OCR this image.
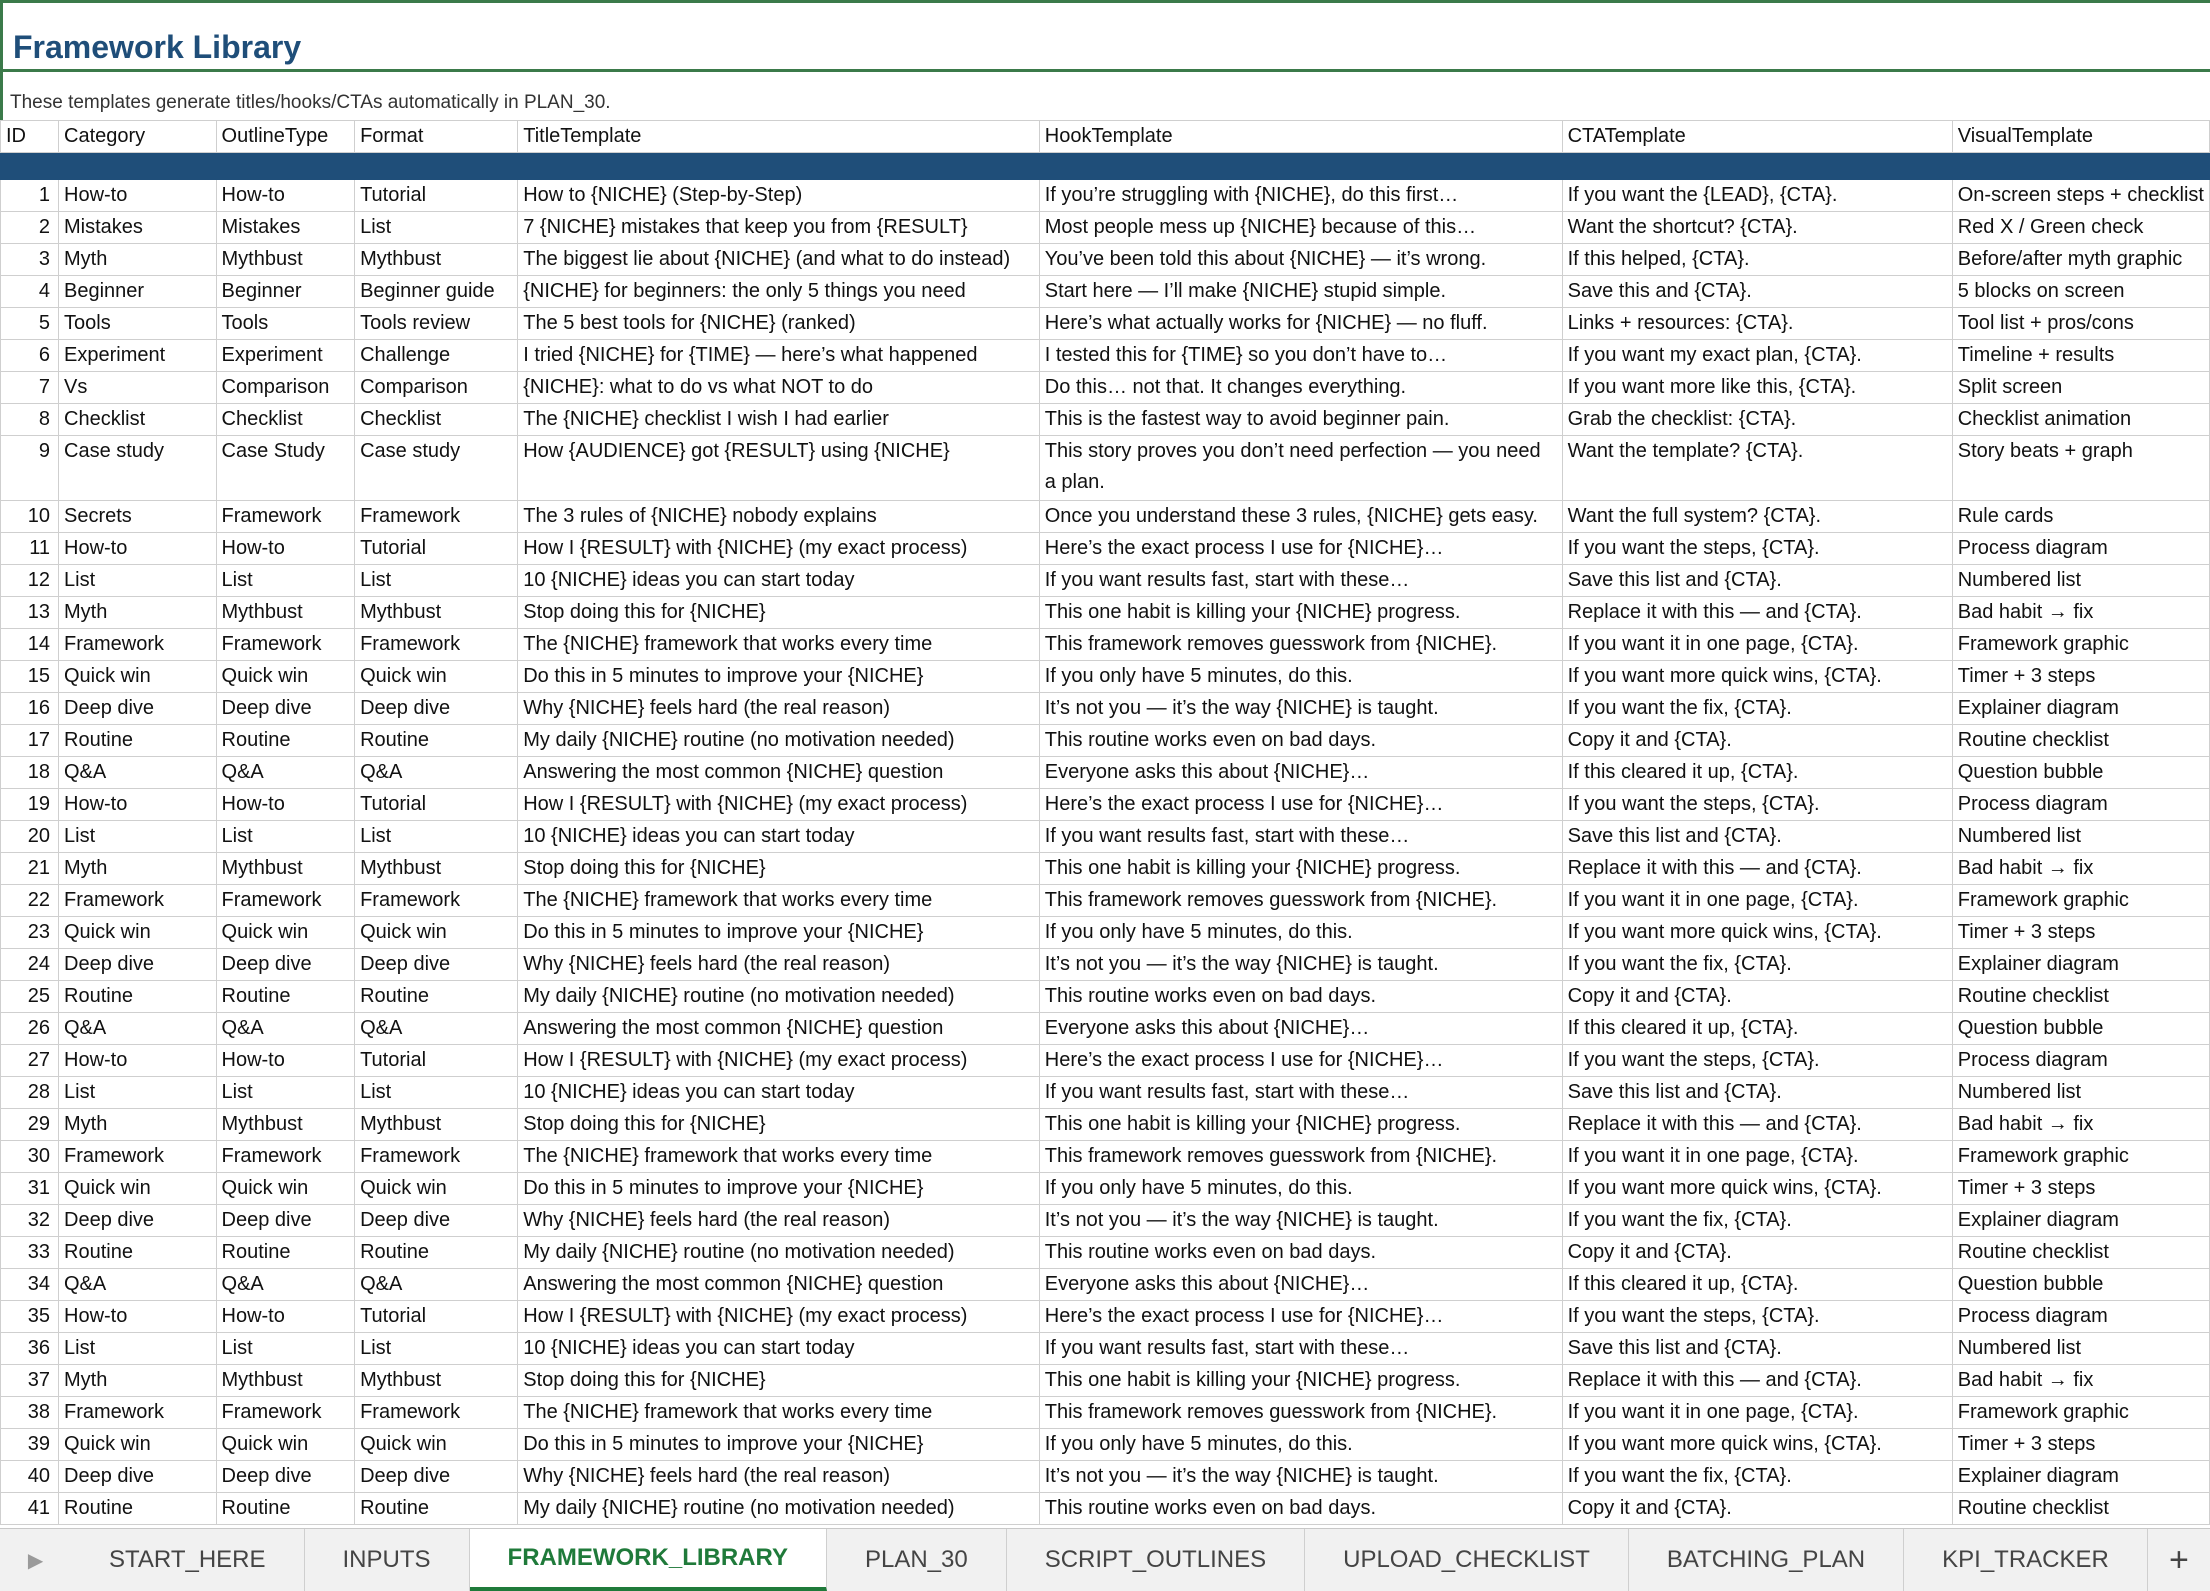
Framework Library
These templates generate titles/hooks/CTAs automatically in PLAN_30.
ID	Category	OutlineType	Format	TitleTemplate	HookTemplate	CTATemplate	VisualTemplate

1	How-to	How-to	Tutorial	How to {NICHE} (Step-by-Step)	If you’re struggling with {NICHE}, do this first…	If you want the {LEAD}, {CTA}.	On-screen steps + checklist
2	Mistakes	Mistakes	List	7 {NICHE} mistakes that keep you from {RESULT}	Most people mess up {NICHE} because of this…	Want the shortcut? {CTA}.	Red X / Green check
3	Myth	Mythbust	Mythbust	The biggest lie about {NICHE} (and what to do instead)	You’ve been told this about {NICHE} — it’s wrong.	If this helped, {CTA}.	Before/after myth graphic
4	Beginner	Beginner	Beginner guide	{NICHE} for beginners: the only 5 things you need	Start here — I’ll make {NICHE} stupid simple.	Save this and {CTA}.	5 blocks on screen
5	Tools	Tools	Tools review	The 5 best tools for {NICHE} (ranked)	Here’s what actually works for {NICHE} — no fluff.	Links + resources: {CTA}.	Tool list + pros/cons
6	Experiment	Experiment	Challenge	I tried {NICHE} for {TIME} — here’s what happened	I tested this for {TIME} so you don’t have to…	If you want my exact plan, {CTA}.	Timeline + results
7	Vs	Comparison	Comparison	{NICHE}: what to do vs what NOT to do	Do this… not that. It changes everything.	If you want more like this, {CTA}.	Split screen
8	Checklist	Checklist	Checklist	The {NICHE} checklist I wish I had earlier	This is the fastest way to avoid beginner pain.	Grab the checklist: {CTA}.	Checklist animation
9	Case study	Case Study	Case study	How {AUDIENCE} got {RESULT} using {NICHE}	This story proves you don’t need perfection — you need a plan.	Want the template? {CTA}.	Story beats + graph
10	Secrets	Framework	Framework	The 3 rules of {NICHE} nobody explains	Once you understand these 3 rules, {NICHE} gets easy.	Want the full system? {CTA}.	Rule cards
11	How-to	How-to	Tutorial	How I {RESULT} with {NICHE} (my exact process)	Here’s the exact process I use for {NICHE}…	If you want the steps, {CTA}.	Process diagram
12	List	List	List	10 {NICHE} ideas you can start today	If you want results fast, start with these…	Save this list and {CTA}.	Numbered list
13	Myth	Mythbust	Mythbust	Stop doing this for {NICHE}	This one habit is killing your {NICHE} progress.	Replace it with this — and {CTA}.	Bad habit → fix
14	Framework	Framework	Framework	The {NICHE} framework that works every time	This framework removes guesswork from {NICHE}.	If you want it in one page, {CTA}.	Framework graphic
15	Quick win	Quick win	Quick win	Do this in 5 minutes to improve your {NICHE}	If you only have 5 minutes, do this.	If you want more quick wins, {CTA}.	Timer + 3 steps
16	Deep dive	Deep dive	Deep dive	Why {NICHE} feels hard (the real reason)	It’s not you — it’s the way {NICHE} is taught.	If you want the fix, {CTA}.	Explainer diagram
17	Routine	Routine	Routine	My daily {NICHE} routine (no motivation needed)	This routine works even on bad days.	Copy it and {CTA}.	Routine checklist
18	Q&A	Q&A	Q&A	Answering the most common {NICHE} question	Everyone asks this about {NICHE}…	If this cleared it up, {CTA}.	Question bubble
19	How-to	How-to	Tutorial	How I {RESULT} with {NICHE} (my exact process)	Here’s the exact process I use for {NICHE}…	If you want the steps, {CTA}.	Process diagram
20	List	List	List	10 {NICHE} ideas you can start today	If you want results fast, start with these…	Save this list and {CTA}.	Numbered list
21	Myth	Mythbust	Mythbust	Stop doing this for {NICHE}	This one habit is killing your {NICHE} progress.	Replace it with this — and {CTA}.	Bad habit → fix
22	Framework	Framework	Framework	The {NICHE} framework that works every time	This framework removes guesswork from {NICHE}.	If you want it in one page, {CTA}.	Framework graphic
23	Quick win	Quick win	Quick win	Do this in 5 minutes to improve your {NICHE}	If you only have 5 minutes, do this.	If you want more quick wins, {CTA}.	Timer + 3 steps
24	Deep dive	Deep dive	Deep dive	Why {NICHE} feels hard (the real reason)	It’s not you — it’s the way {NICHE} is taught.	If you want the fix, {CTA}.	Explainer diagram
25	Routine	Routine	Routine	My daily {NICHE} routine (no motivation needed)	This routine works even on bad days.	Copy it and {CTA}.	Routine checklist
26	Q&A	Q&A	Q&A	Answering the most common {NICHE} question	Everyone asks this about {NICHE}…	If this cleared it up, {CTA}.	Question bubble
27	How-to	How-to	Tutorial	How I {RESULT} with {NICHE} (my exact process)	Here’s the exact process I use for {NICHE}…	If you want the steps, {CTA}.	Process diagram
28	List	List	List	10 {NICHE} ideas you can start today	If you want results fast, start with these…	Save this list and {CTA}.	Numbered list
29	Myth	Mythbust	Mythbust	Stop doing this for {NICHE}	This one habit is killing your {NICHE} progress.	Replace it with this — and {CTA}.	Bad habit → fix
30	Framework	Framework	Framework	The {NICHE} framework that works every time	This framework removes guesswork from {NICHE}.	If you want it in one page, {CTA}.	Framework graphic
31	Quick win	Quick win	Quick win	Do this in 5 minutes to improve your {NICHE}	If you only have 5 minutes, do this.	If you want more quick wins, {CTA}.	Timer + 3 steps
32	Deep dive	Deep dive	Deep dive	Why {NICHE} feels hard (the real reason)	It’s not you — it’s the way {NICHE} is taught.	If you want the fix, {CTA}.	Explainer diagram
33	Routine	Routine	Routine	My daily {NICHE} routine (no motivation needed)	This routine works even on bad days.	Copy it and {CTA}.	Routine checklist
34	Q&A	Q&A	Q&A	Answering the most common {NICHE} question	Everyone asks this about {NICHE}…	If this cleared it up, {CTA}.	Question bubble
35	How-to	How-to	Tutorial	How I {RESULT} with {NICHE} (my exact process)	Here’s the exact process I use for {NICHE}…	If you want the steps, {CTA}.	Process diagram
36	List	List	List	10 {NICHE} ideas you can start today	If you want results fast, start with these…	Save this list and {CTA}.	Numbered list
37	Myth	Mythbust	Mythbust	Stop doing this for {NICHE}	This one habit is killing your {NICHE} progress.	Replace it with this — and {CTA}.	Bad habit → fix
38	Framework	Framework	Framework	The {NICHE} framework that works every time	This framework removes guesswork from {NICHE}.	If you want it in one page, {CTA}.	Framework graphic
39	Quick win	Quick win	Quick win	Do this in 5 minutes to improve your {NICHE}	If you only have 5 minutes, do this.	If you want more quick wins, {CTA}.	Timer + 3 steps
40	Deep dive	Deep dive	Deep dive	Why {NICHE} feels hard (the real reason)	It’s not you — it’s the way {NICHE} is taught.	If you want the fix, {CTA}.	Explainer diagram
41	Routine	Routine	Routine	My daily {NICHE} routine (no motivation needed)	This routine works even on bad days.	Copy it and {CTA}.	Routine checklist
▶	START_HERE	INPUTS	FRAMEWORK_LIBRARY	PLAN_30	SCRIPT_OUTLINES	UPLOAD_CHECKLIST	BATCHING_PLAN	KPI_TRACKER	+
